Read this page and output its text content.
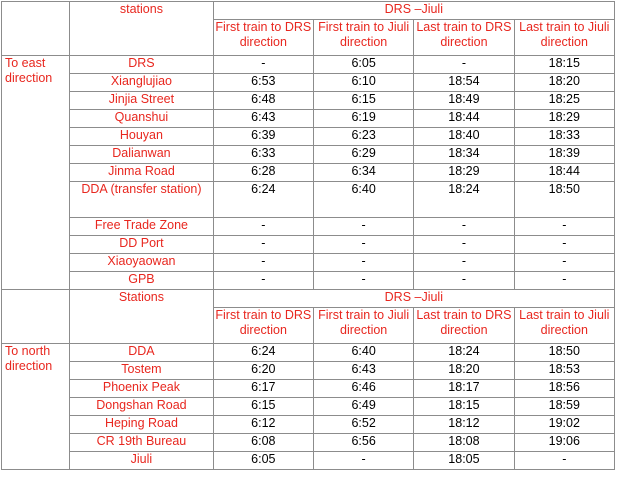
	stations	DRS –Jiuli			
		First train to DRS direction	First train to Jiuli direction	Last train to DRS direction	Last train to Jiuli direction
To east direction	DRS	-	6:05	-	18:15
	Xianglujiao	6:53	6:10	18:54	18:20
	Jinjia Street	6:48	6:15	18:49	18:25
	Quanshui	6:43	6:19	18:44	18:29
	Houyan	6:39	6:23	18:40	18:33
	Dalianwan	6:33	6:29	18:34	18:39
	Jinma Road	6:28	6:34	18:29	18:44
	DDA (transfer station)	6:24	6:40	18:24	18:50
	Free Trade Zone	-	-	-	-
	DD Port	-	-	-	-
	Xiaoyaowan	-	-	-	-
	GPB	-	-	-	-
	Stations	DRS –Jiuli			
		First train to DRS direction	First train to Jiuli direction	Last train to DRS direction	Last train to Jiuli direction
To north direction	DDA	6:24	6:40	18:24	18:50
	Tostem	6:20	6:43	18:20	18:53
	Phoenix Peak	6:17	6:46	18:17	18:56
	Dongshan Road	6:15	6:49	18:15	18:59
	Heping Road	6:12	6:52	18:12	19:02
	CR 19th Bureau	6:08	6:56	18:08	19:06
	Jiuli	6:05	-	18:05	-
